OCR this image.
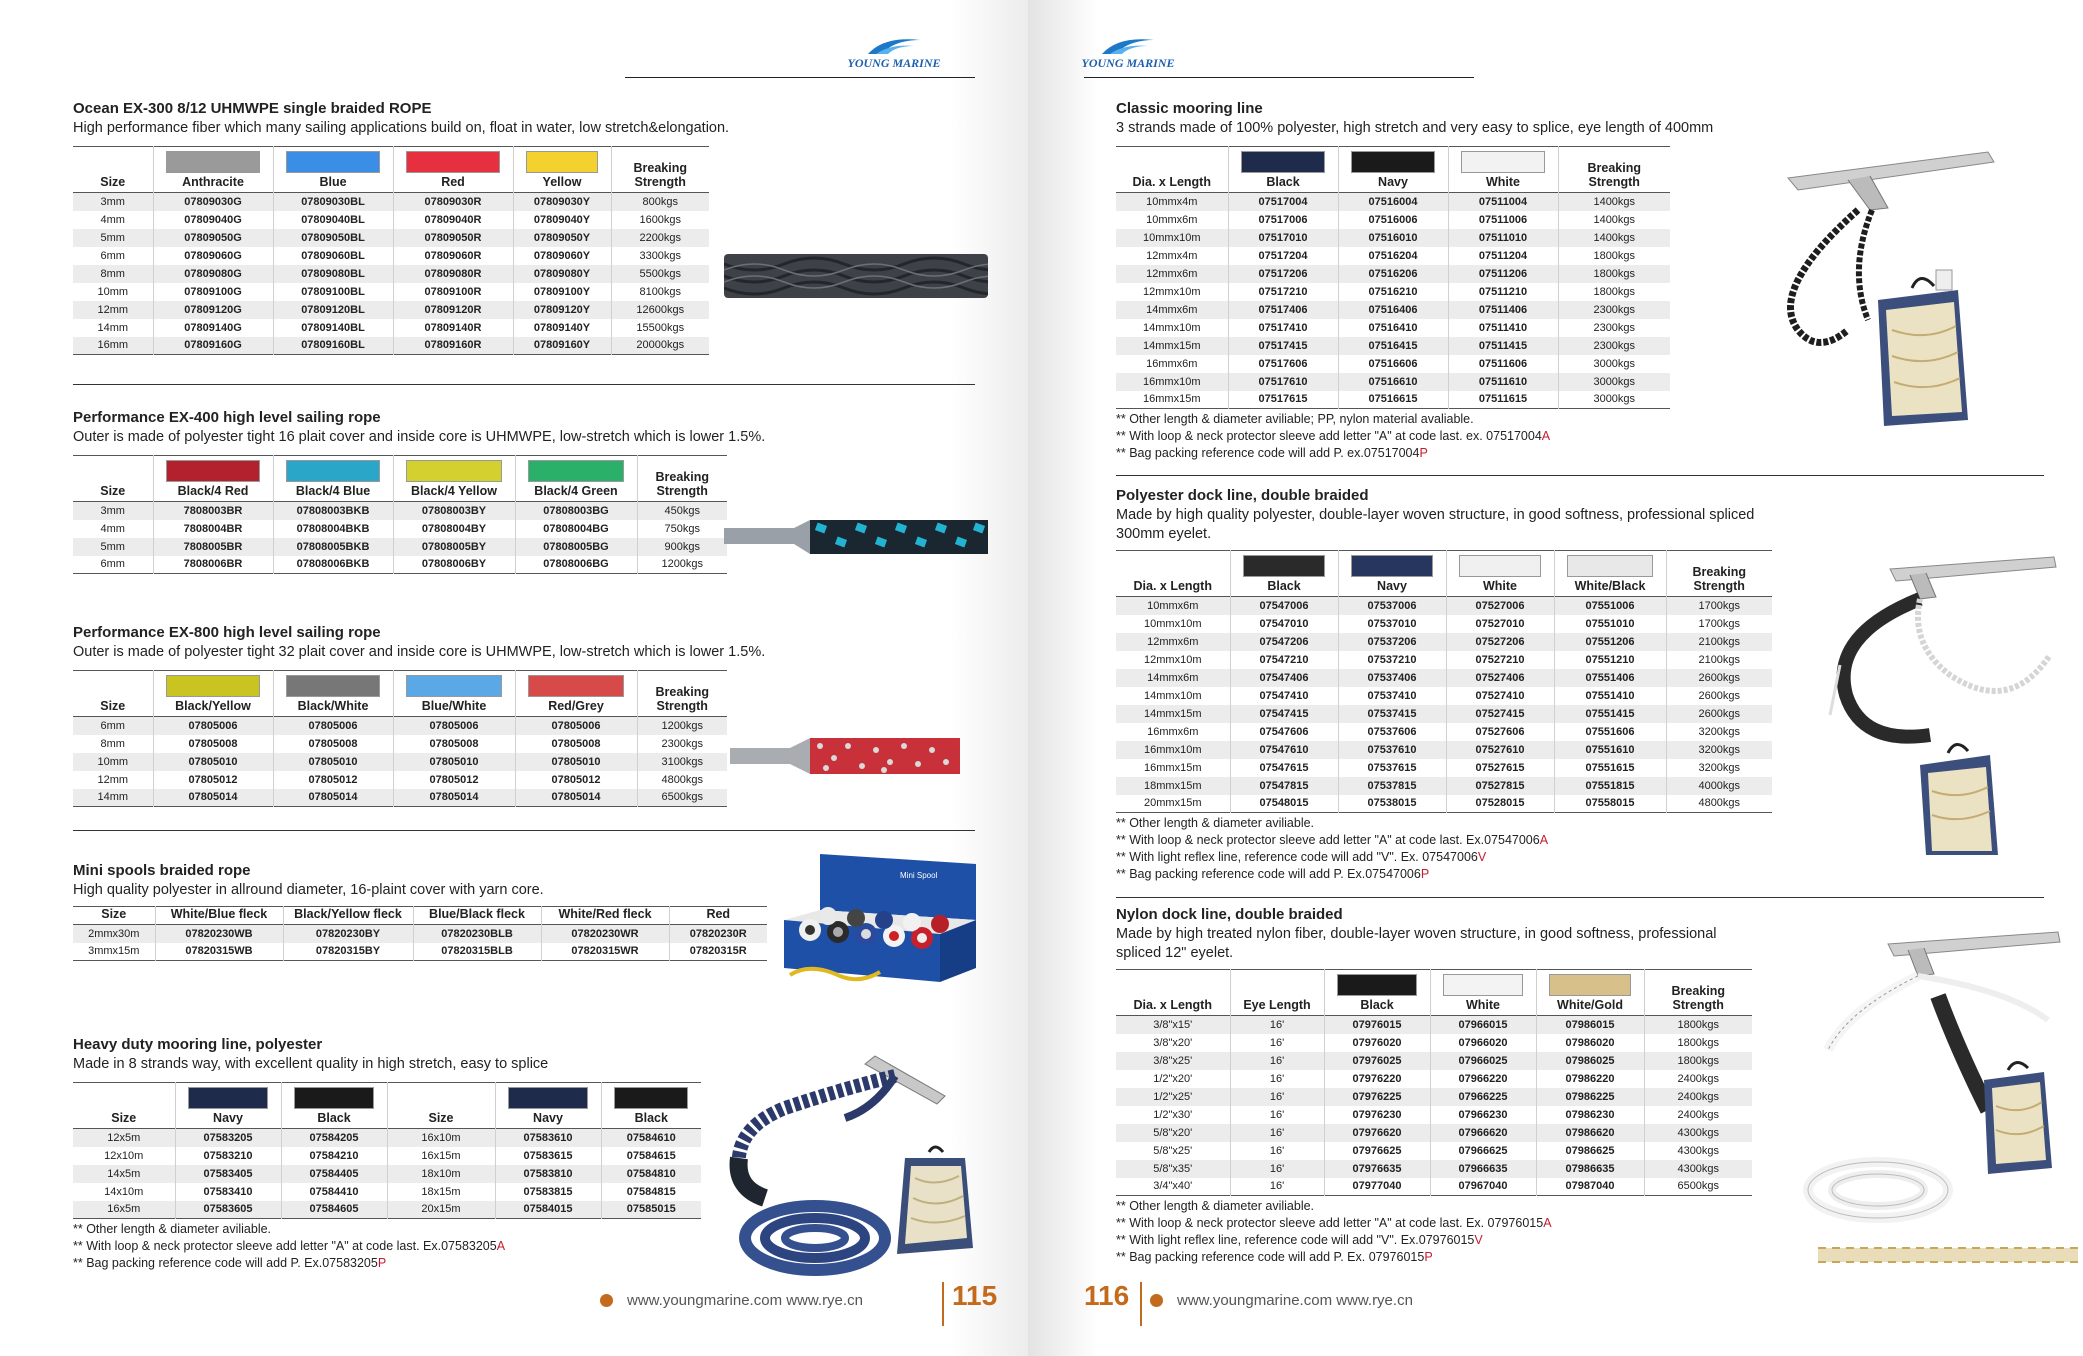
YOUNG MARINE
Ocean EX-300 8/12 UHMWPE single braided ROPE
High performance fiber which many sailing applications build on, float in water, low stretch&elongation.
Size	Anthracite	Blue	Red	Yellow	Breaking Strength
3mm	07809030G	07809030BL	07809030R	07809030Y	800kgs
4mm	07809040G	07809040BL	07809040R	07809040Y	1600kgs
5mm	07809050G	07809050BL	07809050R	07809050Y	2200kgs
6mm	07809060G	07809060BL	07809060R	07809060Y	3300kgs
8mm	07809080G	07809080BL	07809080R	07809080Y	5500kgs
10mm	07809100G	07809100BL	07809100R	07809100Y	8100kgs
12mm	07809120G	07809120BL	07809120R	07809120Y	12600kgs
14mm	07809140G	07809140BL	07809140R	07809140Y	15500kgs
16mm	07809160G	07809160BL	07809160R	07809160Y	20000kgs
Performance EX-400 high level sailing rope
Outer is made of polyester tight 16 plait cover and inside core is UHMWPE, low-stretch which is lower 1.5%.
Size	Black/4 Red	Black/4 Blue	Black/4 Yellow	Black/4 Green	Breaking Strength
3mm	7808003BR	07808003BKB	07808003BY	07808003BG	450kgs
4mm	7808004BR	07808004BKB	07808004BY	07808004BG	750kgs
5mm	7808005BR	07808005BKB	07808005BY	07808005BG	900kgs
6mm	7808006BR	07808006BKB	07808006BY	07808006BG	1200kgs
Performance EX-800 high level sailing rope
Outer is made of polyester tight 32 plait cover and inside core is UHMWPE, low-stretch which is lower 1.5%.
Size	Black/Yellow	Black/White	Blue/White	Red/Grey	Breaking Strength
6mm	07805006	07805006	07805006	07805006	1200kgs
8mm	07805008	07805008	07805008	07805008	2300kgs
10mm	07805010	07805010	07805010	07805010	3100kgs
12mm	07805012	07805012	07805012	07805012	4800kgs
14mm	07805014	07805014	07805014	07805014	6500kgs
Mini spools braided rope
High quality polyester in allround diameter, 16-plaint cover with yarn core.
Size	White/Blue fleck	Black/Yellow fleck	Blue/Black fleck	White/Red fleck	Red
2mmx30m	07820230WB	07820230BY	07820230BLB	07820230WR	07820230R
3mmx15m	07820315WB	07820315BY	07820315BLB	07820315WR	07820315R
Mini Spool
Heavy duty mooring line, polyester
Made in 8 strands way, with excellent quality in high stretch, easy to splice
Size	Navy	Black	Size	Navy	Black
12x5m	07583205	07584205	16x10m	07583610	07584610
12x10m	07583210	07584210	16x15m	07583615	07584615
14x5m	07583405	07584405	18x10m	07583810	07584810
14x10m	07583410	07584410	18x15m	07583815	07584815
16x5m	07583605	07584605	20x15m	07584015	07585015
** Other length & diameter aviliable.
** With loop & neck protector sleeve add letter "A" at code last. Ex.07583205A
** Bag packing reference code will add P. Ex.07583205P
www.youngmarine.com www.rye.cn	115
YOUNG MARINE
Classic mooring line
3 strands made of 100% polyester, high stretch and very easy to splice, eye length of 400mm
Dia. x Length	Black	Navy	White	Breaking Strength
10mmx4m	07517004	07516004	07511004	1400kgs
10mmx6m	07517006	07516006	07511006	1400kgs
10mmx10m	07517010	07516010	07511010	1400kgs
12mmx4m	07517204	07516204	07511204	1800kgs
12mmx6m	07517206	07516206	07511206	1800kgs
12mmx10m	07517210	07516210	07511210	1800kgs
14mmx6m	07517406	07516406	07511406	2300kgs
14mmx10m	07517410	07516410	07511410	2300kgs
14mmx15m	07517415	07516415	07511415	2300kgs
16mmx6m	07517606	07516606	07511606	3000kgs
16mmx10m	07517610	07516610	07511610	3000kgs
16mmx15m	07517615	07516615	07511615	3000kgs
** Other length & diameter aviliable; PP, nylon material avaliable.
** With loop & neck protector sleeve add letter "A" at code last. ex. 07517004A
** Bag packing reference code will add P. ex.07517004P
Polyester dock line, double braided
Made by high quality polyester, double-layer woven structure, in good softness, professional spliced 300mm eyelet.
Dia. x Length	Black	Navy	White	White/Black	Breaking Strength
10mmx6m	07547006	07537006	07527006	07551006	1700kgs
10mmx10m	07547010	07537010	07527010	07551010	1700kgs
12mmx6m	07547206	07537206	07527206	07551206	2100kgs
12mmx10m	07547210	07537210	07527210	07551210	2100kgs
14mmx6m	07547406	07537406	07527406	07551406	2600kgs
14mmx10m	07547410	07537410	07527410	07551410	2600kgs
14mmx15m	07547415	07537415	07527415	07551415	2600kgs
16mmx6m	07547606	07537606	07527606	07551606	3200kgs
16mmx10m	07547610	07537610	07527610	07551610	3200kgs
16mmx15m	07547615	07537615	07527615	07551615	3200kgs
18mmx15m	07547815	07537815	07527815	07551815	4000kgs
20mmx15m	07548015	07538015	07528015	07558015	4800kgs
** Other length & diameter aviliable.
** With loop & neck protector sleeve add letter "A" at code last. Ex.07547006A
** With light reflex line, reference code will add "V". Ex. 07547006V
** Bag packing reference code will add P. Ex.07547006P
Nylon dock line, double braided
Made by high treated nylon fiber, double-layer woven structure, in good softness, professional spliced 12" eyelet.
Dia. x Length	Eye Length	Black	White	White/Gold	Breaking Strength
3/8"x15'	16'	07976015	07966015	07986015	1800kgs
3/8"x20'	16'	07976020	07966020	07986020	1800kgs
3/8"x25'	16'	07976025	07966025	07986025	1800kgs
1/2"x20'	16'	07976220	07966220	07986220	2400kgs
1/2"x25'	16'	07976225	07966225	07986225	2400kgs
1/2"x30'	16'	07976230	07966230	07986230	2400kgs
5/8"x20'	16'	07976620	07966620	07986620	4300kgs
5/8"x25'	16'	07976625	07966625	07986625	4300kgs
5/8"x35'	16'	07976635	07966635	07986635	4300kgs
3/4"x40'	16'	07977040	07967040	07987040	6500kgs
** Other length & diameter aviliable.
** With loop & neck protector sleeve add letter "A" at code last. Ex. 07976015A
** With light reflex line, reference code will add "V". Ex.07976015V
** Bag packing reference code will add P. Ex. 07976015P
116	www.youngmarine.com www.rye.cn
